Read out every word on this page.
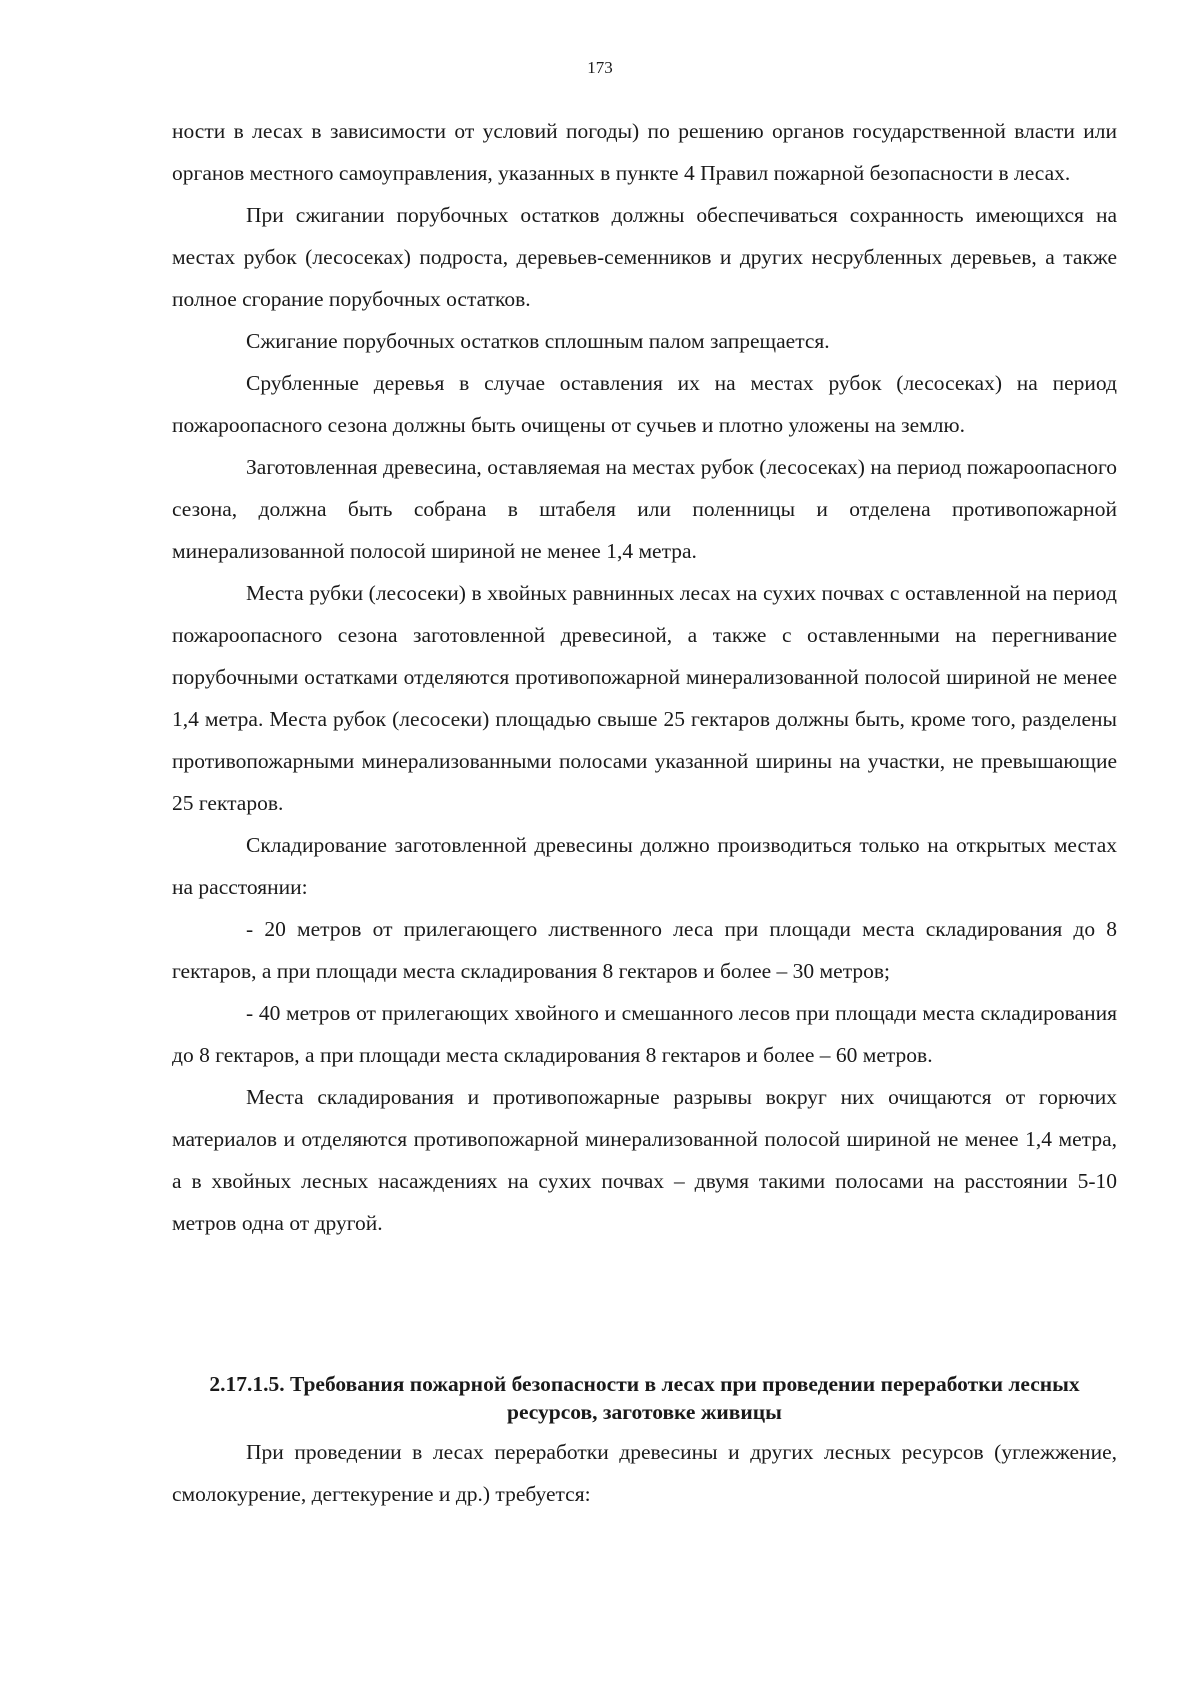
173

ности в лесах в зависимости от условий погоды) по решению органов государственной власти или органов местного самоуправления, указанных в пункте 4 Правил пожарной безопасности в лесах.

При сжигании порубочных остатков должны обеспечиваться сохранность имеющихся на местах рубок (лесосеках) подроста, деревьев-семенников и других несрубленных деревьев, а также полное сгорание порубочных остатков.

Сжигание порубочных остатков сплошным палом запрещается.

Срубленные деревья в случае оставления их на местах рубок (лесосеках) на период пожароопасного сезона должны быть очищены от сучьев и плотно уложены на землю.

Заготовленная древесина, оставляемая на местах рубок (лесосеках) на период пожароопасного сезона, должна быть собрана в штабеля или поленницы и отделена противопожарной минерализованной полосой шириной не менее 1,4 метра.

Места рубки (лесосеки) в хвойных равнинных лесах на сухих почвах с оставленной на период пожароопасного сезона заготовленной древесиной, а также с оставленными на перегнивание порубочными остатками отделяются противопожарной минерализованной полосой шириной не менее 1,4 метра. Места рубок (лесосеки) площадью свыше 25 гектаров должны быть, кроме того, разделены противопожарными минерализованными полосами указанной ширины на участки, не превышающие 25 гектаров.

Складирование заготовленной древесины должно производиться только на открытых местах на расстоянии:

- 20 метров от прилегающего лиственного леса при площади места складирования до 8 гектаров, а при площади места складирования 8 гектаров и более – 30 метров;

- 40 метров от прилегающих хвойного и смешанного лесов при площади места складирования до 8 гектаров, а при площади места складирования 8 гектаров и более – 60 метров.

Места складирования и противопожарные разрывы вокруг них очищаются от горючих материалов и отделяются противопожарной минерализованной полосой шириной не менее 1,4 метра, а в хвойных лесных насаждениях на сухих почвах – двумя такими полосами на расстоянии 5-10 метров одна от другой.

2.17.1.5. Требования пожарной безопасности в лесах при проведении переработки лесных ресурсов, заготовке живицы

При проведении в лесах переработки древесины и других лесных ресурсов (углежжение, смолокурение, дегтекурение и др.) требуется:
